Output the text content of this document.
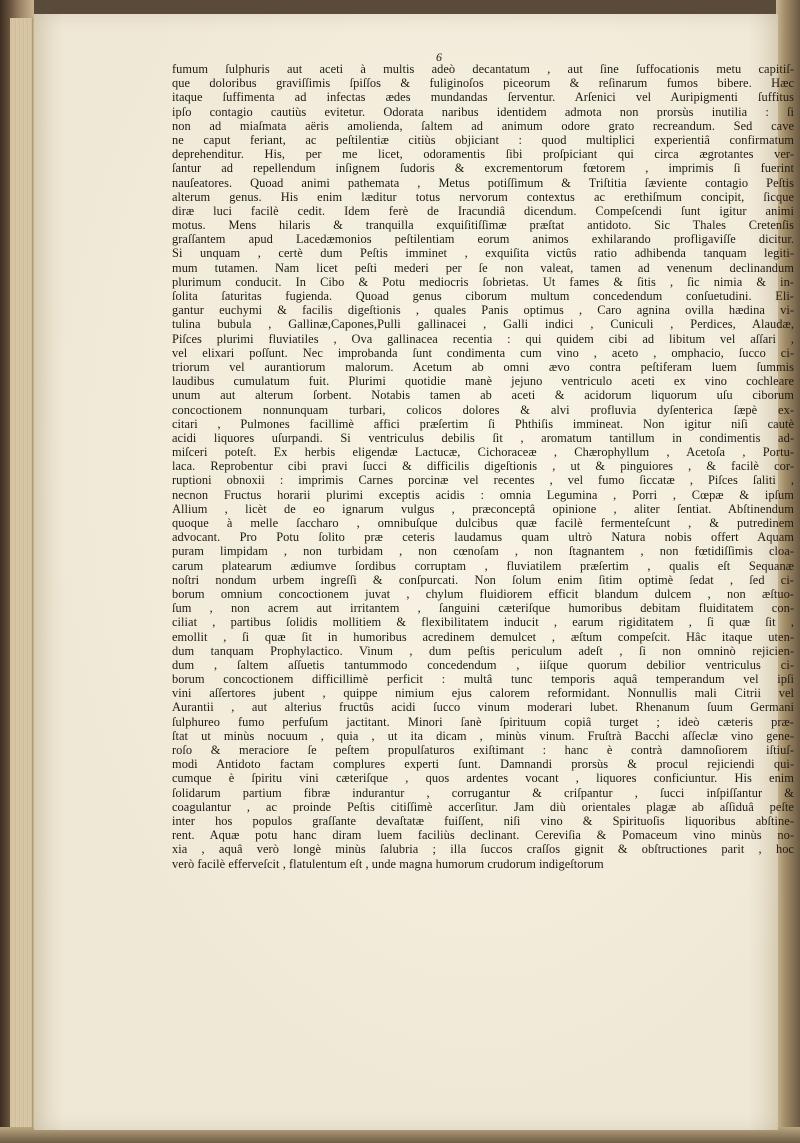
6
fumum ſulphuris aut aceti à multis adeò decantatum , aut ſine ſuffocationis metu capitiſ-
que doloribus graviſſimis ſpiſſos & fuliginoſos piceorum & reſinarum fumos bibere. Hæc
itaque ſuffimenta ad infectas ædes mundandas ſerventur. Arſenici vel Auripigmenti ſuffitus
ipſo contagio cautiùs evitetur. Odorata naribus identidem admota non prorsùs inutilia : ſi
non ad miaſmata aëris amolienda, ſaltem ad animum odore grato recreandum. Sed cave
ne caput feriant, ac peſtilentiæ citiùs objiciant : quod multiplici experientiâ confirmatum
deprehenditur. His, per me licet, odoramentis ſibi proſpiciant qui circa ægrotantes ver-
ſantur ad repellendum inſignem ſudoris & excrementorum fœtorem , imprimis ſi fuerint
nauſeatores. Quoad animi pathemata , Metus potiſſimum & Triſtitia ſæviente contagio Peſtis
alterum genus. His enim læditur totus nervorum contextus ac erethiſmum concipit, ſicque
diræ luci facilè cedit. Idem ferè de Iracundiâ dicendum. Compeſcendi ſunt igitur animi
motus. Mens hilaris & tranquilla exquiſitiſſimæ præſtat antidoto. Sic Thales Cretenſis
graſſantem apud Lacedæmonios peſtilentiam eorum animos exhilarando profligaviſſe dicitur.
Si unquam , certè dum Peſtis imminet , exquiſita victûs ratio adhibenda tanquam legiti-
mum tutamen. Nam licet peſti mederi per ſe non valeat, tamen ad venenum declinandum
plurimum conducit. In Cibo & Potu mediocris ſobrietas. Ut fames & ſitis , ſic nimia & in-
ſolita ſaturitas fugienda. Quoad genus ciborum multum concedendum conſuetudini. Eli-
gantur euchymi & facilis digeſtionis , quales Panis optimus , Caro agnina ovilla hædina vi-
tulina bubula , Gallinæ,Capones,Pulli gallinacei , Galli indici , Cuniculi , Perdices, Alaudæ,
Piſces plurimi fluviatiles , Ova gallinacea recentia : qui quidem cibi ad libitum vel aſſari ,
vel elixari poſſunt. Nec improbanda ſunt condimenta cum vino , aceto , omphacio, ſucco ci-
triorum vel aurantiorum malorum. Acetum ab omni ævo contra peſtiferam luem ſummis
laudibus cumulatum fuit. Plurimi quotidie manè jejuno ventriculo aceti ex vino cochleare
unum aut alterum ſorbent. Notabis tamen ab aceti & acidorum liquorum uſu ciborum
concoctionem nonnunquam turbari, colicos dolores & alvi profluvia dyſenterica ſæpè ex-
citari , Pulmones facillimè affici præſertim ſi Phthiſis immineat. Non igitur niſi cautè
acidi liquores uſurpandi. Si ventriculus debilis ſit , aromatum tantillum in condimentis ad-
miſceri poteſt. Ex herbis eligendæ Lactucæ, Cichoraceæ , Chærophyllum , Acetoſa , Portu-
laca. Reprobentur cibi pravi ſucci & difficilis digeſtionis , ut & pinguiores , & facilè cor-
ruptioni obnoxii : imprimis Carnes porcinæ vel recentes , vel fumo ſiccatæ , Piſces ſaliti ,
necnon Fructus horarii plurimi exceptis acidis : omnia Legumina , Porri , Cœpæ & ipſum
Allium , licèt de eo ignarum vulgus , præconceptâ opinione , aliter ſentiat. Abſtinendum
quoque à melle ſaccharo , omnibuſque dulcibus quæ facilè fermenteſcunt , & putredinem
advocant. Pro Potu ſolito præ ceteris laudamus quam ultrò Natura nobis offert Aquam
puram limpidam , non turbidam , non cœnoſam , non ſtagnantem , non fœtidiſſimis cloa-
carum platearum ædiumve ſordibus corruptam , fluviatilem præſertim , qualis eſt Sequanæ
noſtri nondum urbem ingreſſi & conſpurcati. Non ſolum enim ſitim optimè ſedat , ſed ci-
borum omnium concoctionem juvat , chylum fluidiorem efficit blandum dulcem , non æſtuo-
ſum , non acrem aut irritantem , ſanguini cæteriſque humoribus debitam fluiditatem con-
ciliat , partibus ſolidis mollitiem & flexibilitatem inducit , earum rigiditatem , ſi quæ ſit ,
emollit , ſi quæ ſit in humoribus acredinem demulcet , æſtum compeſcit. Hâc itaque uten-
dum tanquam Prophylactico. Vinum , dum peſtis periculum adeſt , ſi non omninò rejicien-
dum , ſaltem aſſuetis tantummodo concedendum , iiſque quorum debilior ventriculus ci-
borum concoctionem difficillimè perficit : multâ tunc temporis aquâ temperandum vel ipſi
vini aſſertores jubent , quippe nimium ejus calorem reformidant. Nonnullis mali Citrii vel
Aurantii , aut alterius fructûs acidi ſucco vinum moderari lubet. Rhenanum ſuum Germani
ſulphureo fumo perfuſum jactitant. Minori ſanè ſpirituum copiâ turget ; ideò cæteris præ-
ſtat ut minùs nocuum , quia , ut ita dicam , minùs vinum. Fruſtrà Bacchi aſſeclæ vino gene-
roſo & meraciore ſe peſtem propulſaturos exiſtimant : hanc è contrà damnoſiorem iſtiuſ-
modi Antidoto factam complures experti ſunt. Damnandi prorsùs & procul rejiciendi qui-
cumque è ſpiritu vini cæteriſque , quos ardentes vocant , liquores conficiuntur. His enim
ſolidarum partium fibræ indurantur , corrugantur & criſpantur , ſucci inſpiſſantur &
coagulantur , ac proinde Peſtis citiſſimè accerſitur. Jam diù orientales plagæ ab aſſiduâ peſte
inter hos populos graſſante devaſtatæ fuiſſent, niſi vino & Spirituoſis liquoribus abſtine-
rent. Aquæ potu hanc diram luem faciliùs declinant. Cereviſia & Pomaceum vino minùs no-
xia , aquâ verò longè minùs ſalubria ; illa ſuccos craſſos gignit & obſtructiones parit , hoc
verò facilè efferveſcit , flatulentum eſt , unde magna humorum crudorum indigeſtorum
